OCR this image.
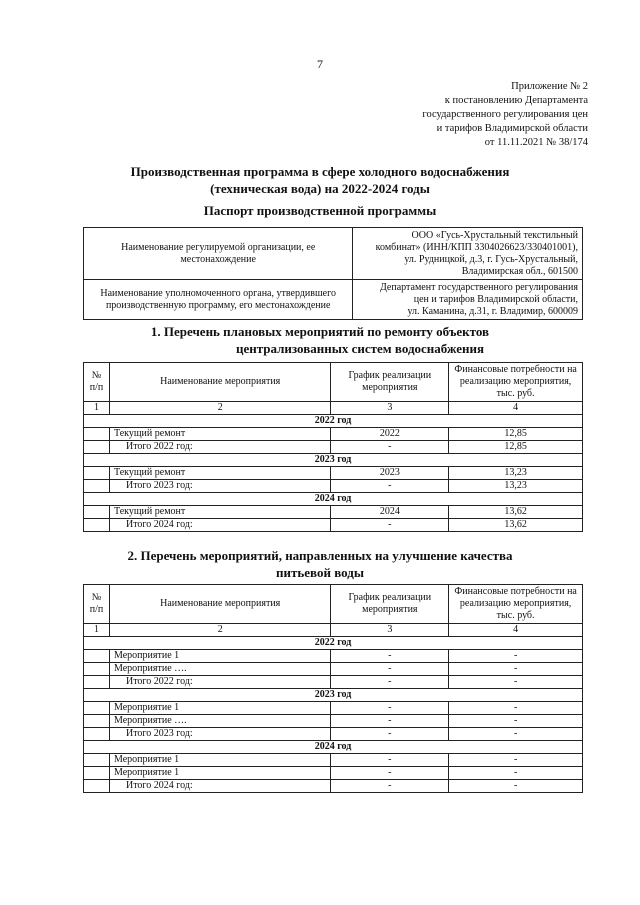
7
Приложение № 2
к постановлению Департамента
государственного регулирования цен
и тарифов Владимирской области
от 11.11.2021 № 38/174
Производственная программа в сфере холодного водоснабжения
(техническая вода) на 2022-2024 годы
Паспорт производственной программы
Наименование регулируемой организации, ее местонахождение	ООО «Гусь-Хрустальный текстильный
комбинат» (ИНН/КПП 3304026623/330401001),
ул. Рудницкой, д.3, г. Гусь-Хрустальный,
Владимирская обл., 601500

Наименование уполномоченного органа, утвердившего производственную программу, его местонахождение	Департамент государственного регулирования
цен и тарифов Владимирской области,
ул. Каманина, д.31, г. Владимир, 600009
1. Перечень плановых мероприятий по ремонту объектов
централизованных систем водоснабжения
№ п/п	Наименование мероприятия	График реализации мероприятия	Финансовые потребности на реализацию мероприятия, тыс. руб.
1	2	3	4
2022 год			
	Текущий ремонт	2022	12,85
	Итого 2022 год:	-	12,85
2023 год			
	Текущий ремонт	2023	13,23
	Итого 2023 год:	-	13,23
2024 год			
	Текущий ремонт	2024	13,62
	Итого 2024 год:	-	13,62
2. Перечень мероприятий, направленных на улучшение качества
питьевой воды
№ п/п	Наименование мероприятия	График реализации мероприятия	Финансовые потребности на реализацию мероприятия, тыс. руб.
1	2	3	4
2022 год			
	Мероприятие 1	-	-
	Мероприятие ….	-	-
	Итого 2022 год:	-	-
2023 год			
	Мероприятие 1	-	-
	Мероприятие ….	-	-
	Итого 2023 год:	-	-
2024 год			
	Мероприятие 1	-	-
	Мероприятие 1	-	-
	Итого 2024 год:	-	-
